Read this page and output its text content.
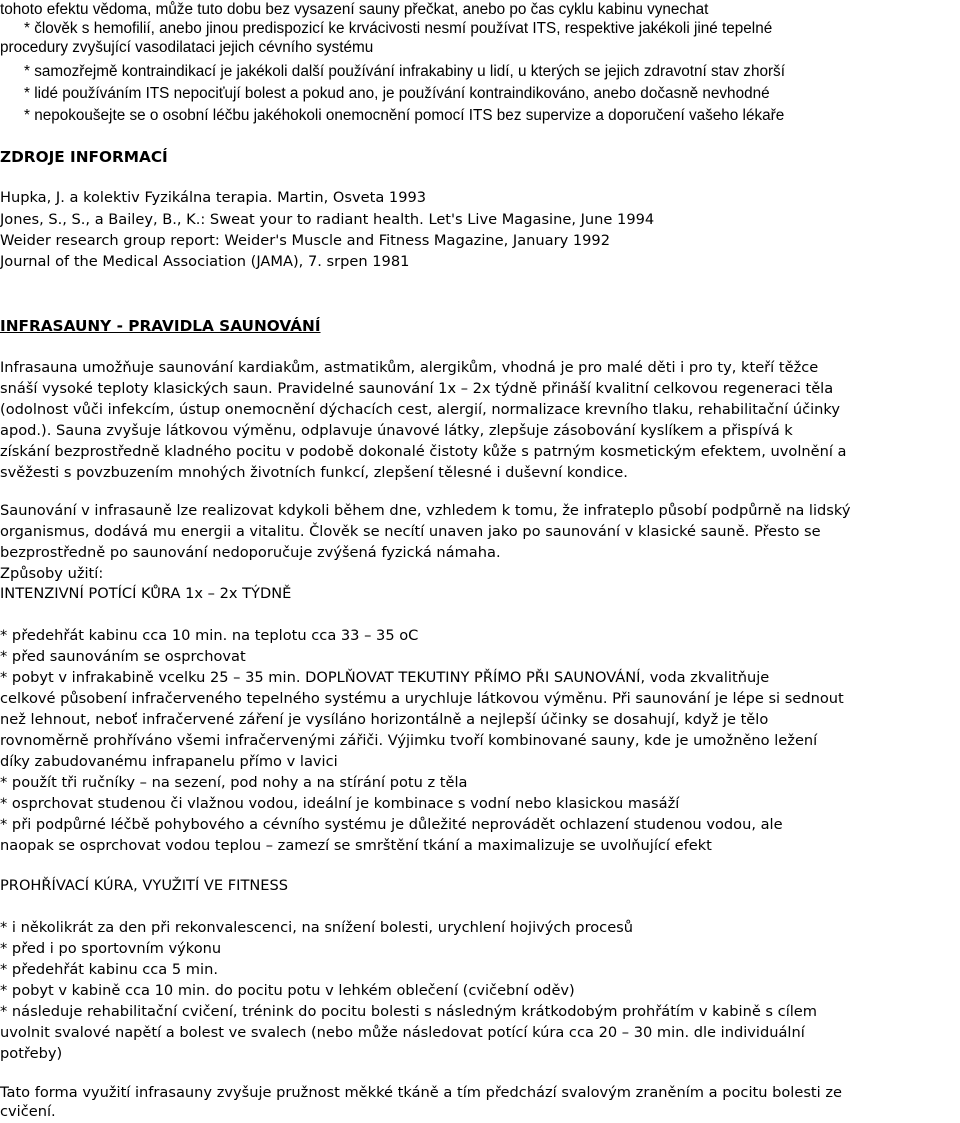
tohoto efektu vědoma, může tuto dobu bez vysazení sauny přečkat, anebo po čas cyklu kabinu vynechat

* člověk s hemofilií, anebo jinou predispozicí ke krvácivosti nesmí používat ITS, respektive jakékoli jiné tepelné

procedury zvyšující vasodilataci jejich cévního systému

* samozřejmě kontraindikací je jakékoli další používání infrakabiny u lidí, u kterých se jejich zdravotní stav zhorší

* lidé používáním ITS nepociťují bolest a pokud ano, je používání kontraindikováno, anebo dočasně nevhodné

* nepokoušejte se o osobní léčbu jakéhokoli onemocnění pomocí ITS bez supervize a doporučení vašeho lékaře

ZDROJE INFORMACÍ

Hupka, J. a kolektiv Fyzikálna terapia. Martin, Osveta 1993

Jones, S., S., a Bailey, B., K.: Sweat your to radiant health. Let's Live Magasine, June 1994

Weider research group report: Weider's Muscle and Fitness Magazine, January 1992

Journal of the Medical Association (JAMA), 7. srpen 1981

INFRASAUNY - PRAVIDLA SAUNOVÁNÍ

Infrasauna umožňuje saunování kardiakům, astmatikům, alergikům, vhodná je pro malé děti i pro ty, kteří těžce

snáší vysoké teploty klasických saun. Pravidelné saunování 1x – 2x týdně přináší kvalitní celkovou regeneraci těla

(odolnost vůči infekcím, ústup onemocnění dýchacích cest, alergií, normalizace krevního tlaku, rehabilitační účinky

apod.). Sauna zvyšuje látkovou výměnu, odplavuje únavové látky, zlepšuje zásobování kyslíkem a přispívá k

získání bezprostředně kladného pocitu v podobě dokonalé čistoty kůže s patrným kosmetickým efektem, uvolnění a

svěžesti s povzbuzením mnohých životních funkcí, zlepšení tělesné i duševní kondice.

Saunování v infrasauně lze realizovat kdykoli během dne, vzhledem k tomu, že infrateplo působí podpůrně na lidský

organismus, dodává mu energii a vitalitu. Člověk se necítí unaven jako po saunování v klasické sauně. Přesto se

bezprostředně po saunování nedoporučuje zvýšená fyzická námaha.

Způsoby užití:

INTENZIVNÍ POTÍCÍ KŮRA 1x – 2x TÝDNĚ

* předehřát kabinu cca 10 min. na teplotu cca 33 – 35 oC

* před saunováním se osprchovat

* pobyt v infrakabině vcelku 25 – 35 min. DOPLŇOVAT TEKUTINY PŘÍMO PŘI SAUNOVÁNÍ, voda zkvalitňuje

celkové působení infračerveného tepelného systému a urychluje látkovou výměnu. Při saunování je lépe si sednout

než lehnout, neboť infračervené záření je vysíláno horizontálně a nejlepší účinky se dosahují, když je tělo

rovnoměrně prohříváno všemi infračervenými zářiči. Výjimku tvoří kombinované sauny, kde je umožněno ležení

díky zabudovanému infrapanelu přímo v lavici

* použít tři ručníky – na sezení, pod nohy a na stírání potu z těla

* osprchovat studenou či vlažnou vodou, ideální je kombinace s vodní nebo klasickou masáží

* při podpůrné léčbě pohybového a cévního systému je důležité neprovádět ochlazení studenou vodou, ale

naopak se osprchovat vodou teplou – zamezí se smrštění tkání a maximalizuje se uvolňující efekt

PROHŘÍVACÍ KÚRA, VYUŽITÍ VE FITNESS

* i několikrát za den při rekonvalescenci, na snížení bolesti, urychlení hojivých procesů

* před i po sportovním výkonu

* předehřát kabinu cca 5 min.

* pobyt v kabině cca 10 min. do pocitu potu v lehkém oblečení (cvičební oděv)

* následuje rehabilitační cvičení, trénink do pocitu bolesti s následným krátkodobým prohřátím v kabině s cílem

uvolnit svalové napětí a bolest ve svalech (nebo může následovat potící kúra cca 20 – 30 min. dle individuální

potřeby)

Tato forma využití infrasauny zvyšuje pružnost měkké tkáně a tím předchází svalovým zraněním a pocitu bolesti ze

cvičení.
